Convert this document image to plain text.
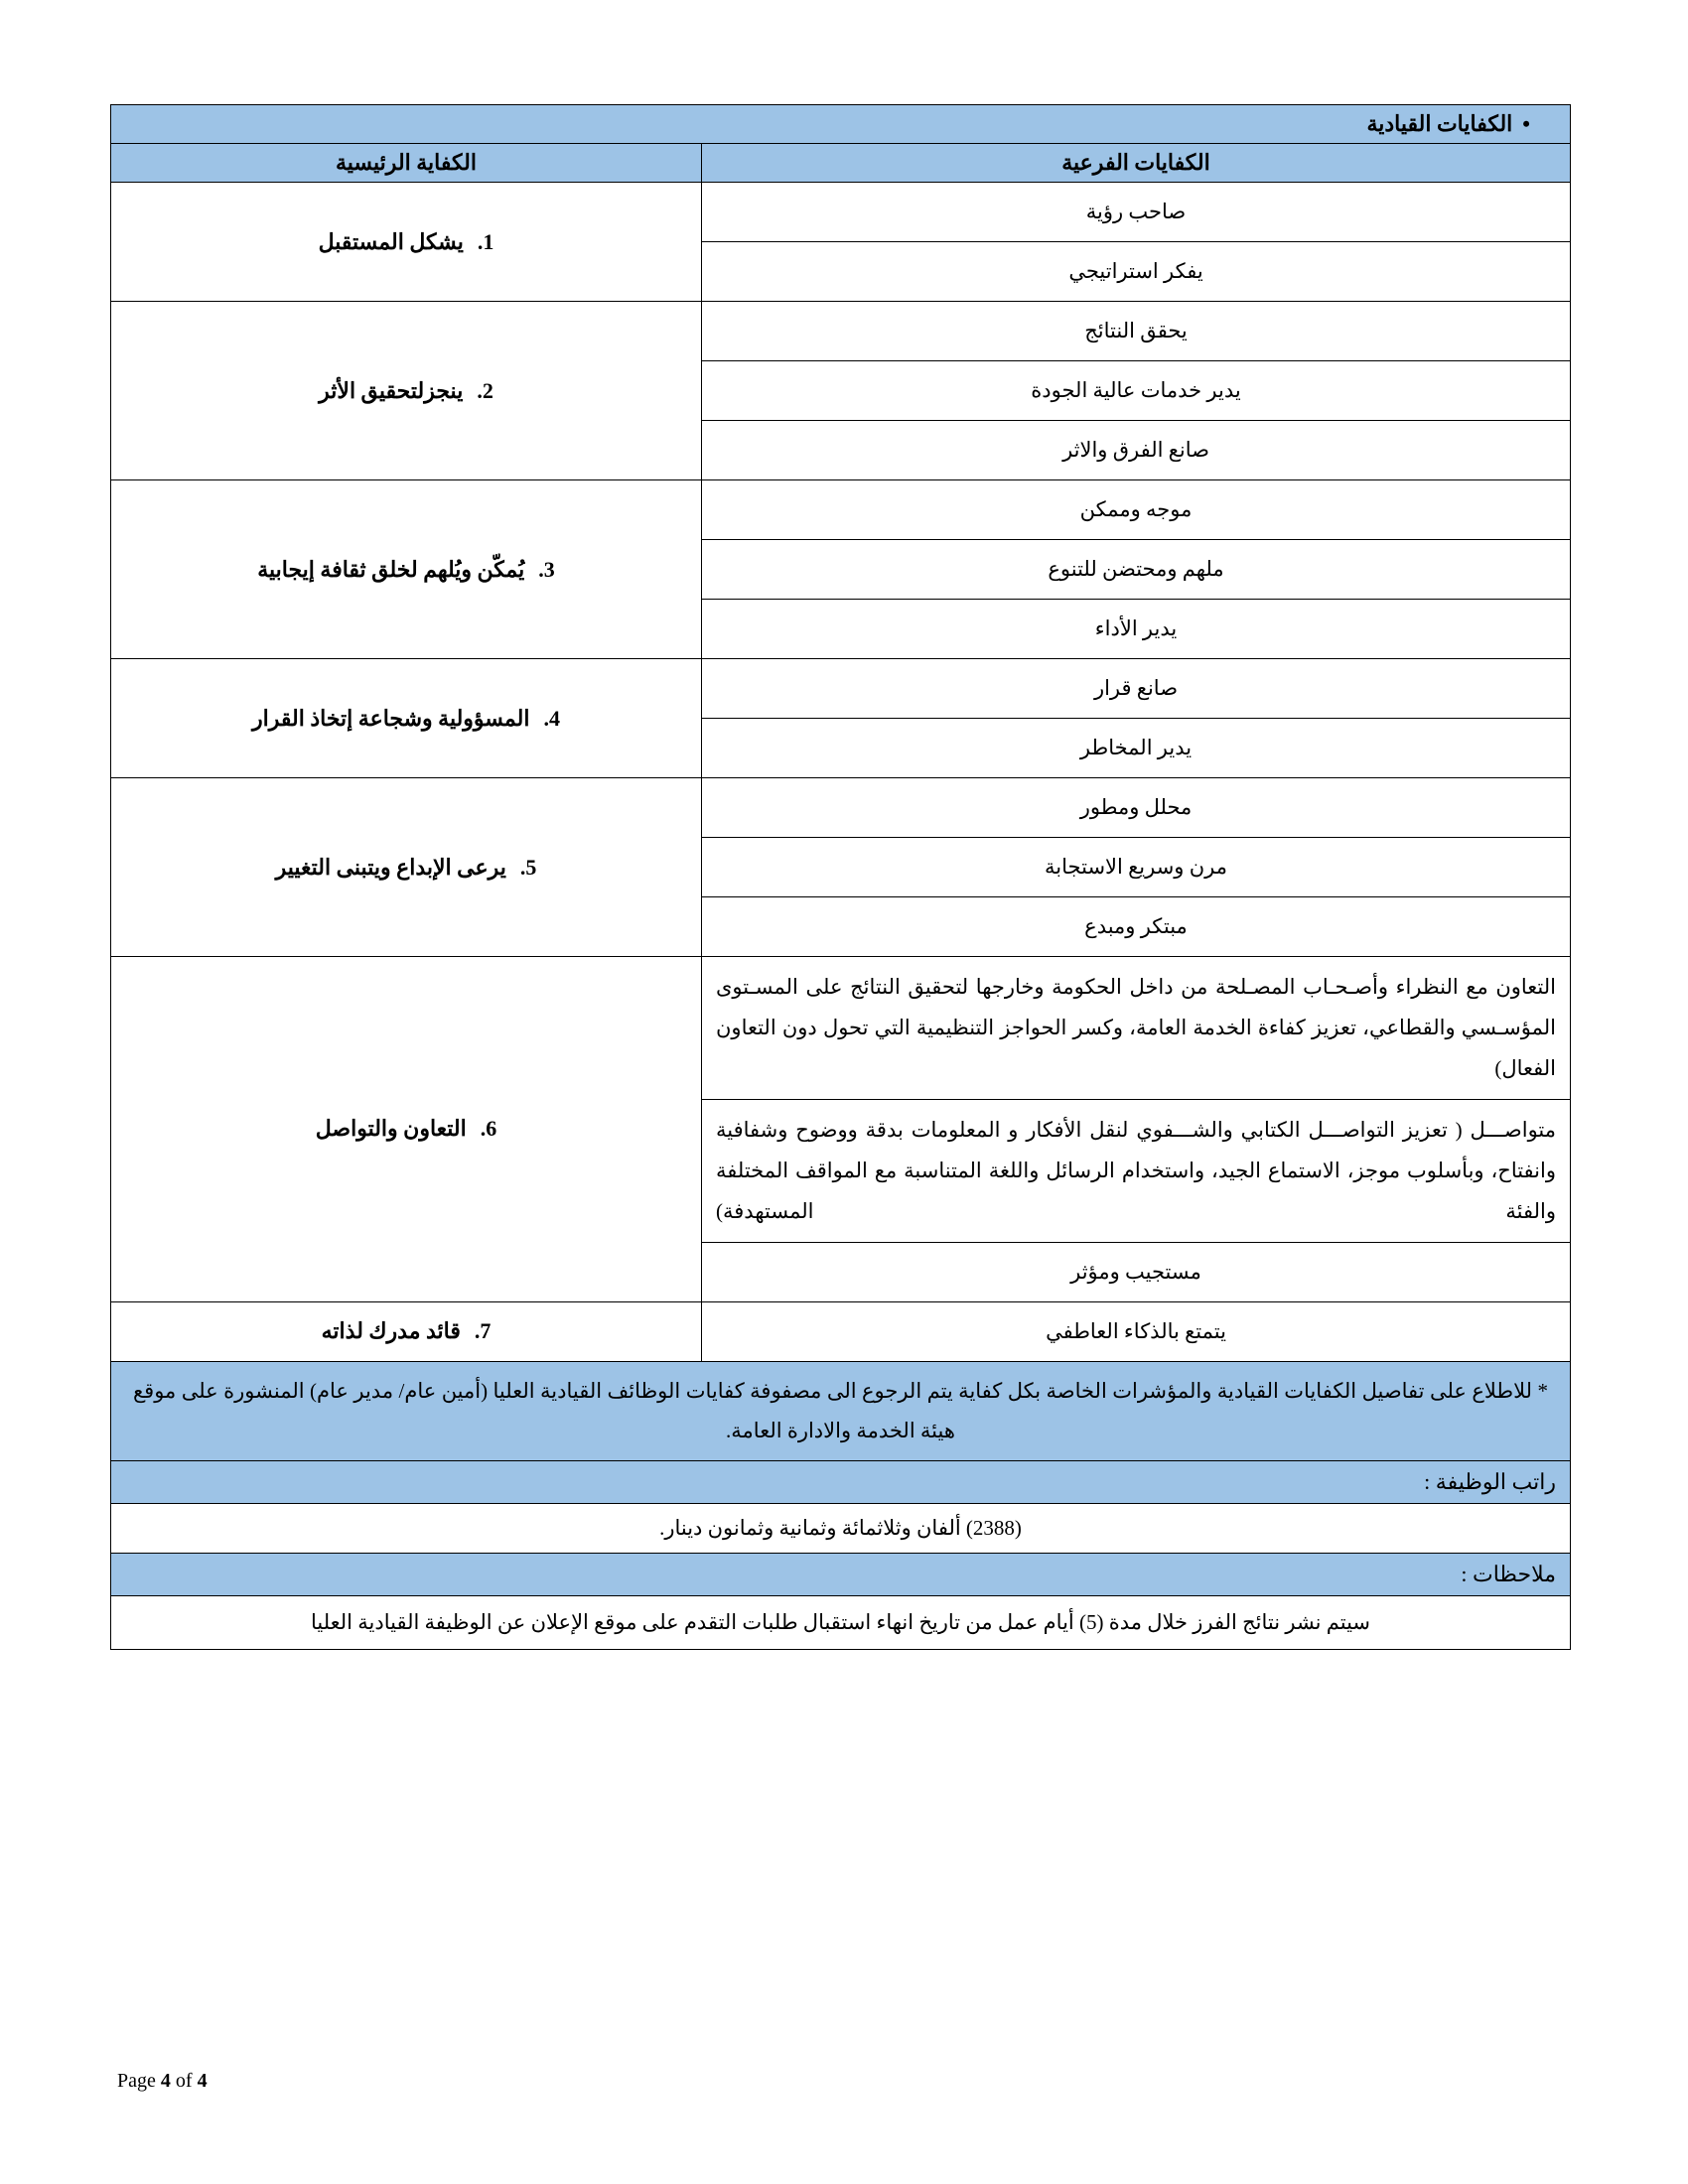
•الكفايات القيادية	
الكفايات الفرعية	الكفاية الرئيسية
صاحب رؤية	1.يشكل المستقبل
يفكر استراتيجي	
يحقق النتائج	2.ينجزلتحقيق الأثر
يدير خدمات عالية الجودة	
صانع الفرق والاثر	
موجه وممكن	3.يُمكّن ويُلهم لخلق ثقافة إيجابية
ملهم ومحتضن للتنوع	
يدير الأداء	
صانع قرار	4.المسؤولية وشجاعة إتخاذ القرار
يدير المخاطر	
محلل ومطور	5.يرعى الإبداع ويتبنى التغيير
مرن وسريع الاستجابة	
مبتكر ومبدع	
التعاون مع النظراء وأصـحـاب المصـلحة من داخل الحكومة وخارجها لتحقيق النتائج على المسـتوى المؤسـسي والقطاعي، تعزيز كفاءة الخدمة العامة، وكسر الحواجز التنظيمية التي تحول دون التعاون الفعال)	6.التعاون والتواصل
متواصـــل ( تعزيز التواصـــل الكتابي والشـــفوي لنقل الأفكار و المعلومات بدقة ووضوح وشفافية وانفتاح، وبأسلوب موجز، الاستماع الجيد، واستخدام الرسائل واللغة المتناسبة مع المواقف المختلفة والفئة المستهدفة)	
مستجيب ومؤثر	
يتمتع بالذكاء العاطفي	7.قائد مدرك لذاته
* للاطلاع على تفاصيل الكفايات القيادية والمؤشرات الخاصة بكل كفاية يتم الرجوع الى مصفوفة كفايات الوظائف القيادية العليا (أمين عام/ مدير عام) المنشورة على موقع هيئة الخدمة والادارة العامة.	
راتب الوظيفة :	
(2388) ألفان وثلاثمائة وثمانية وثمانون دينار.	
ملاحظات :	
سيتم نشر نتائج الفرز خلال مدة (5) أيام عمل من تاريخ انهاء استقبال طلبات التقدم على موقع الإعلان عن الوظيفة القيادية العليا	
Page 4 of 4
